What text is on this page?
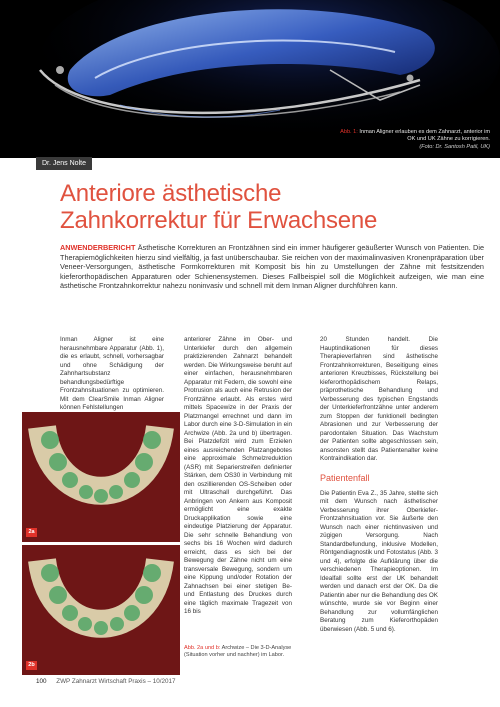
Abb. 1: Inman Aligner erlauben es dem Zahnarzt, anterior im OK und UK Zähne zu korrigieren.
(Foto: Dr. Santosh Patil, UK)
Dr. Jens Nolte
Anteriore ästhetische
Zahnkorrektur für Erwachsene
ANWENDERBERICHT Ästhetische Korrekturen an Frontzähnen sind ein immer häufigerer geäußerter Wunsch von Patienten. Die Therapiemöglichkeiten hierzu sind vielfältig, ja fast unüberschaubar. Sie reichen von der maximalinvasiven Kronenpräparation über Veneer-Versorgungen, ästhetische Formkorrekturen mit Komposit bis hin zu Umstellungen der Zähne mit festsitzenden kieferorthopädischen Apparaturen oder Schienensystemen. Dieses Fallbeispiel soll die Möglichkeit aufzeigen, wie man eine ästhetische Frontzahnkorrektur nahezu noninvasiv und schnell mit dem Inman Aligner durchführen kann.

Inman Aligner ist eine herausnehmbare Apparatur (Abb. 1), die es erlaubt, schnell, vorhersagbar und ohne Schädigung der Zahnhartsubstanz behandlungsbedürftige Frontzahnsituationen zu optimieren. Mit dem ClearSmile Inman Aligner können Fehlstellungen

2a
2b

anteriorer Zähne im Ober- und Unterkiefer durch den allgemein praktizierenden Zahnarzt behandelt werden. Die Wirkungsweise beruht auf einer einfachen, herausnehmbaren Apparatur mit Federn, die sowohl eine Protrusion als auch eine Retrusion der Frontzähne erlaubt. Als erstes wird mittels Spacewize in der Praxis der Platzmangel errechnet und dann im Labor durch eine 3-D-Simulation in ein Archwize (Abb. 2a und b) übertragen. Bei Platzdefizit wird zum Erzielen eines ausreichenden Platzangebotes eine approximale Schmelzreduktion (ASR) mit Separierstreifen definierter Stärken, dem OS30 in Verbindung mit den oszillierenden OS-Scheiben oder mit Ultraschall durchgeführt. Das Anbringen von Ankern aus Komposit ermöglicht eine exakte Druckapplikation sowie eine eindeutige Platzierung der Apparatur. Die sehr schnelle Behandlung von sechs bis 16 Wochen wird dadurch erreicht, dass es sich bei der Bewegung der Zähne nicht um eine transversale Bewegung, sondern um eine Kippung und/oder Rotation der Zahnachsen bei einer stetigen Be- und Entlastung des Druckes durch eine täglich maximale Tragezeit von 16 bis

Abb. 2a und b: Archwize – Die 3-D-Analyse (Situation vorher und nachher) im Labor.

20 Stunden handelt. Die Hauptindikationen für dieses Therapieverfahren sind ästhetische Frontzahnkorrekturen, Beseitigung eines anterioren Kreuzbisses, Rückstellung bei kieferorthopädischem Relaps, präprothetische Behandlung und Verbesserung des typischen Engstands der Unterkieferfrontzähne unter anderem zum Stoppen der funktionell bedingten Abrasionen und zur Verbesserung der parodontalen Situation. Das Wachstum der Patienten sollte abgeschlossen sein, ansonsten stellt das Patientenalter keine Kontraindikation dar.

Patientenfall

Die Patientin Eva Z., 35 Jahre, stellte sich mit dem Wunsch nach ästhetischer Verbesserung ihrer Oberkiefer-Frontzahnsituation vor. Sie äußerte den Wunsch nach einer nichtinvasiven und zügigen Versorgung. Nach Standardbefundung, inklusive Modellen, Röntgendiagnostik und Fotostatus (Abb. 3 und 4), erfolgte die Aufklärung über die verschiedenen Therapieoptionen. Im Idealfall sollte erst der UK behandelt werden und danach erst der OK. Da die Patientin aber nur die Behandlung des OK wünschte, wurde sie vor Beginn einer Behandlung zur vollumfänglichen Beratung zum Kieferorthopäden überwiesen (Abb. 5 und 6).

100 ZWP Zahnarzt Wirtschaft Praxis – 10/2017
